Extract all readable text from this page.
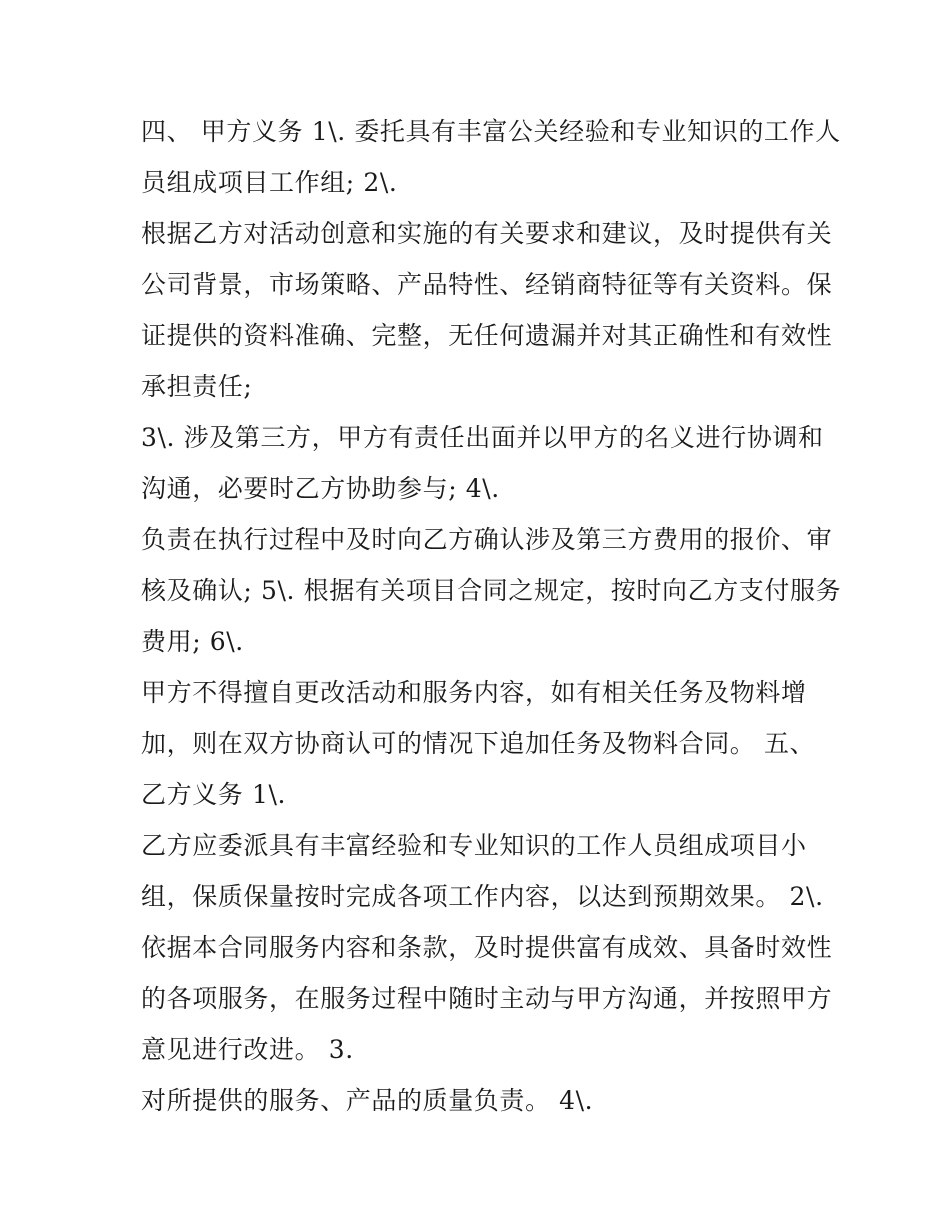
四、 甲方义务 1\. 委托具有丰富公关经验和专业知识的工作人
员组成项目工作组; 2\.
根据乙方对活动创意和实施的有关要求和建议，及时提供有关
公司背景，市场策略、产品特性、经销商特征等有关资料。保
证提供的资料准确、完整，无任何遗漏并对其正确性和有效性
承担责任;
3\. 涉及第三方，甲方有责任出面并以甲方的名义进行协调和
沟通，必要时乙方协助参与; 4\.
负责在执行过程中及时向乙方确认涉及第三方费用的报价、审
核及确认; 5\. 根据有关项目合同之规定，按时向乙方支付服务
费用; 6\.
甲方不得擅自更改活动和服务内容，如有相关任务及物料增
加，则在双方协商认可的情况下追加任务及物料合同。 五、
乙方义务 1\.
乙方应委派具有丰富经验和专业知识的工作人员组成项目小
组，保质保量按时完成各项工作内容，以达到预期效果。 2\.
依据本合同服务内容和条款，及时提供富有成效、具备时效性
的各项服务，在服务过程中随时主动与甲方沟通，并按照甲方
意见进行改进。 3.
对所提供的服务、产品的质量负责。 4\.
